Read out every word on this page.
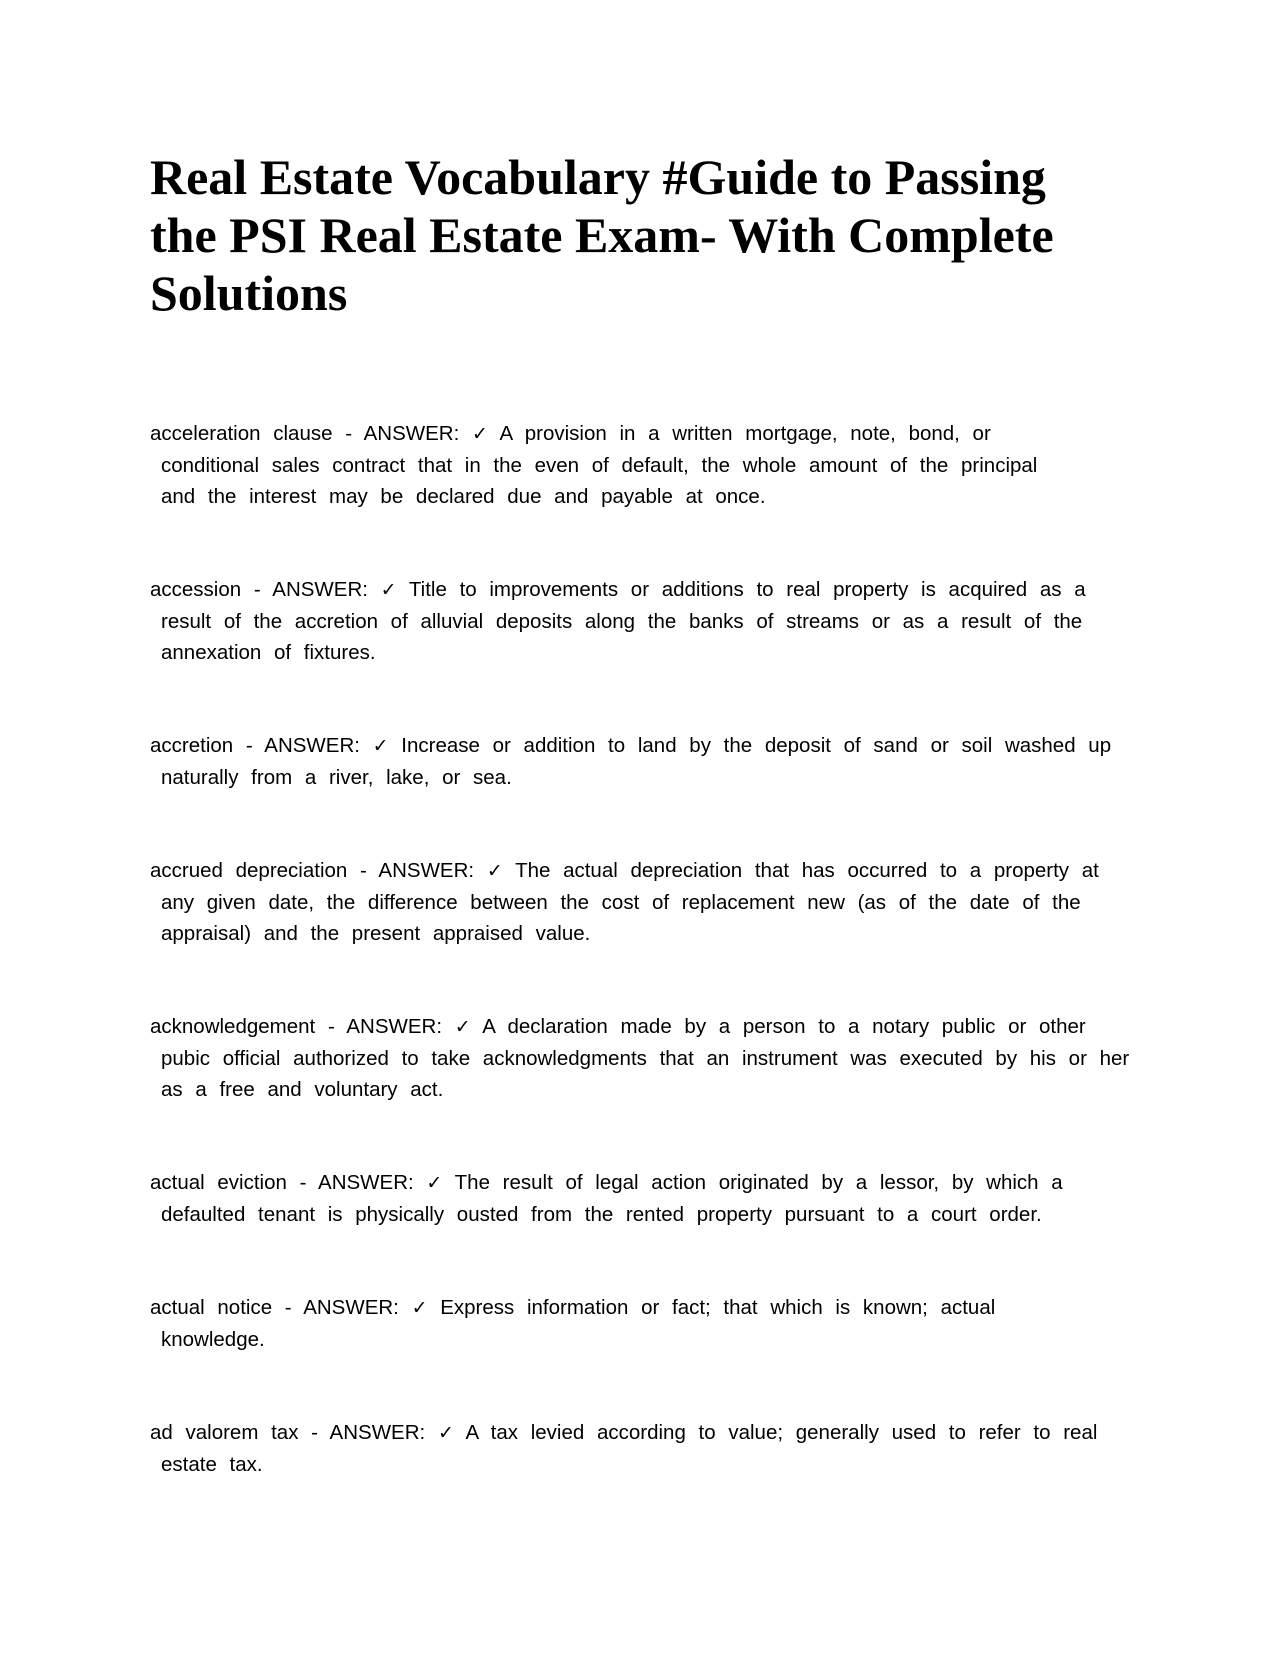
Real Estate Vocabulary #Guide to Passing the PSI Real Estate Exam- With Complete Solutions
acceleration clause - ANSWER: ✓ A provision in a written mortgage, note, bond, or conditional sales contract that in the even of default, the whole amount of the principal and the interest may be declared due and payable at once.
accession - ANSWER: ✓ Title to improvements or additions to real property is acquired as a result of the accretion of alluvial deposits along the banks of streams or as a result of the annexation of fixtures.
accretion - ANSWER: ✓ Increase or addition to land by the deposit of sand or soil washed up naturally from a river, lake, or sea.
accrued depreciation - ANSWER: ✓ The actual depreciation that has occurred to a property at any given date, the difference between the cost of replacement new (as of the date of the appraisal) and the present appraised value.
acknowledgement - ANSWER: ✓ A declaration made by a person to a notary public or other pubic official authorized to take acknowledgments that an instrument was executed by his or her as a free and voluntary act.
actual eviction - ANSWER: ✓ The result of legal action originated by a lessor, by which a defaulted tenant is physically ousted from the rented property pursuant to a court order.
actual notice - ANSWER: ✓ Express information or fact; that which is known; actual knowledge.
ad valorem tax - ANSWER: ✓ A tax levied according to value; generally used to refer to real estate tax.
